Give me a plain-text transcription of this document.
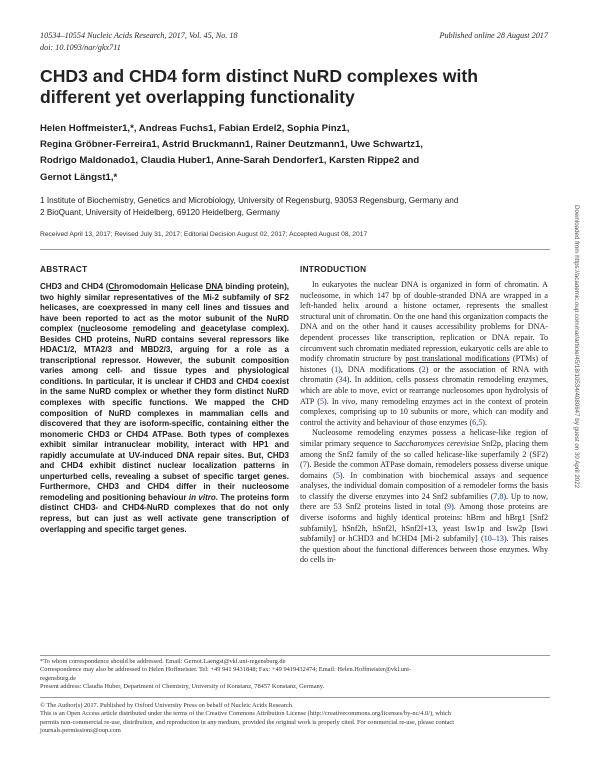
10534–10554 Nucleic Acids Research, 2017, Vol. 45, No. 18
doi: 10.1093/nar/gkx711
Published online 28 August 2017
CHD3 and CHD4 form distinct NuRD complexes with different yet overlapping functionality
Helen Hoffmeister1,*, Andreas Fuchs1, Fabian Erdel2, Sophia Pinz1,
Regina Gröbner-Ferreira1, Astrid Bruckmann1, Rainer Deutzmann1, Uwe Schwartz1,
Rodrigo Maldonado1, Claudia Huber1, Anne-Sarah Dendorfer1, Karsten Rippe2 and
Gernot Längst1,*
1 Institute of Biochemistry, Genetics and Microbiology, University of Regensburg, 93053 Regensburg, Germany and
2 BioQuant, University of Heidelberg, 69120 Heidelberg, Germany
Received April 13, 2017; Revised July 31, 2017; Editorial Decision August 02, 2017; Accepted August 08, 2017
ABSTRACT	INTRODUCTION
CHD3 and CHD4 (Chromodomain Helicase DNA binding protein), two highly similar representatives of the Mi-2 subfamily of SF2 helicases, are coexpressed in many cell lines and tissues and have been reported to act as the motor subunit of the NuRD complex (nucleosome remodeling and deacetylase complex). Besides CHD proteins, NuRD contains several repressors like HDAC1/2, MTA2/3 and MBD2/3, arguing for a role as a transcriptional repressor. However, the subunit composition varies among cell- and tissue types and physiological conditions. In particular, it is unclear if CHD3 and CHD4 coexist in the same NuRD complex or whether they form distinct NuRD complexes with specific functions. We mapped the CHD composition of NuRD complexes in mammalian cells and discovered that they are isoform-specific, containing either the monomeric CHD3 or CHD4 ATPase. Both types of complexes exhibit similar intranuclear mobility, interact with HP1 and rapidly accumulate at UV-induced DNA repair sites. But, CHD3 and CHD4 exhibit distinct nuclear localization patterns in unperturbed cells, revealing a subset of specific target genes. Furthermore, CHD3 and CHD4 differ in their nucleosome remodeling and positioning behaviour in vitro. The proteins form distinct CHD3- and CHD4-NuRD complexes that do not only repress, but can just as well activate gene transcription of overlapping and specific target genes.

In eukaryotes the nuclear DNA is organized in form of chromatin. A nucleosome, in which 147 bp of double-stranded DNA are wrapped in a left-handed helix around a histone octamer, represents the smallest structural unit of chromatin. On the one hand this organization compacts the DNA and on the other hand it causes accessibility problems for DNA-dependent processes like transcription, replication or DNA repair. To circumvent such chromatin mediated repression, eukaryotic cells are able to modify chromatin structure by post translational modifications (PTMs) of histones (1), DNA modifications (2) or the association of RNA with chromatin (34). In addition, cells possess chromatin remodeling enzymes, which are able to move, evict or rearrange nucleosomes upon hydrolysis of ATP (5). In vivo, many remodeling enzymes act in the context of protein complexes, comprising up to 10 subunits or more, which can modify and control the activity and behaviour of those enzymes (6,5).

Nucleosome remodeling enzymes possess a helicase-like region of similar primary sequence to Saccharomyces cerevisiae Snf2p, placing them among the Snf2 family of the so called helicase-like superfamily 2 (SF2) (7). Beside the common ATPase domain, remodelers possess diverse unique domains (5). In combination with biochemical assays and sequence analyses, the individual domain composition of a remodeler forms the basis to classify the diverse enzymes into 24 Snf2 subfamilies (7,8). Up to now, there are 53 Snf2 proteins listed in total (9). Among those proteins are diverse isoforms and highly identical proteins: hBrm and hBrg1 [Snf2 subfamily], hSnf2h, hSnf2l, hSnf2l+13, yeast Isw1p and Isw2p [Iswi subfamily] or hCHD3 and hCHD4 [Mi-2 subfamily] (10–13). This raises the question about the functional differences between those enzymes. Why do cells in-

Downloaded from https://academic.oup.com/nar/article/45/18/10534/4080647 by guest on 30 April 2022

*To whom correspondence should be addressed. Email: Gernot.Laengst@vkl.uni-regensburg.de

Correspondence may also be addressed to Helen Hoffmeister. Tel: +49 941 9431848; Fax: +49 9419432474; Email: Helen.Hoffmeister@vkl.uni-

regensburg.de

Present address: Claudia Huber, Department of Chemistry, University of Konstanz, 78457 Konstanz, Germany.

© The Author(s) 2017. Published by Oxford University Press on behalf of Nucleic Acids Research.

This is an Open Access article distributed under the terms of the Creative Commons Attribution License (http://creativecommons.org/licenses/by-nc/4.0/), which

permits non-commercial re-use, distribution, and reproduction in any medium, provided the original work is properly cited. For commercial re-use, please contact

journals.permissions@oup.com
